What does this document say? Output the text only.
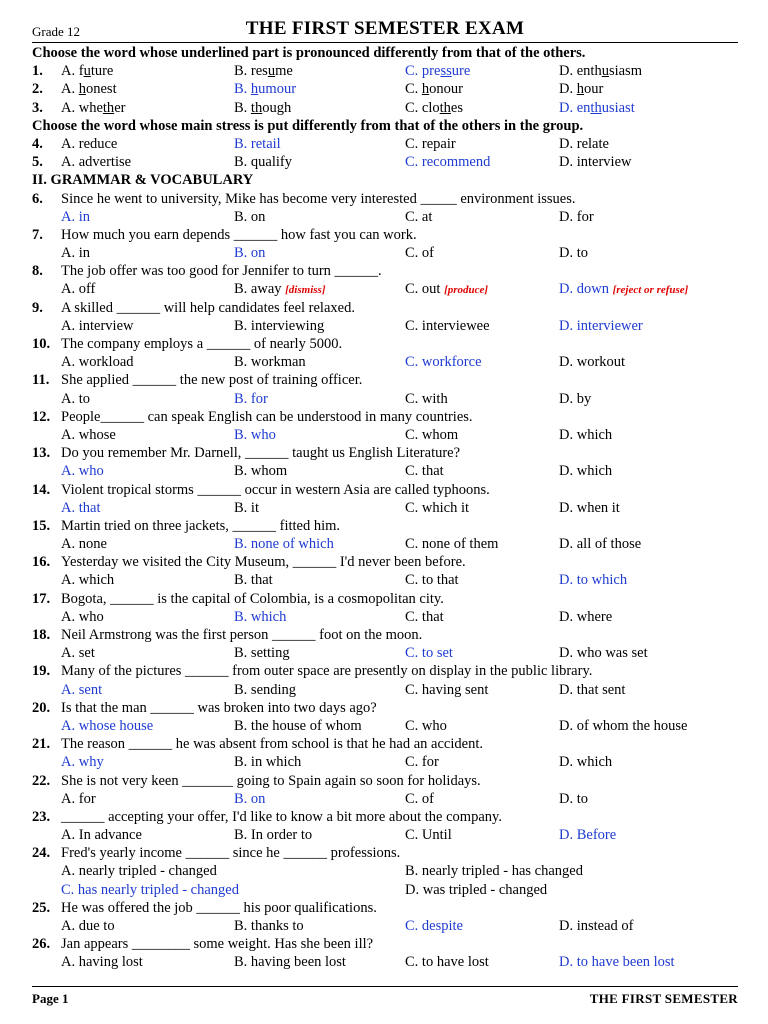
Grade 12	THE FIRST SEMESTER EXAM
Choose the word whose underlined part is pronounced differently from that of the others.
1. A. future	B. resume	C. pressure	D. enthusiasm
2. A. honest	B. humour	C. honour	D. hour
3. A. whether	B. though	C. clothes	D. enthusiast
Choose the word whose main stress is put differently from that of the others in the group.
4. A. reduce	B. retail	C. repair	D. relate
5. A. advertise	B. qualify	C. recommend	D. interview
II. GRAMMAR & VOCABULARY
6. Since he went to university, Mike has become very interested _____ environment issues.
A. in	B. on	C. at	D. for
7. How much you earn depends ______ how fast you can work.
A. in	B. on	C. of	D. to
8. The job offer was too good for Jennifer to turn ______.
A. off	B. away [dismiss]	C. out [produce]	D. down [reject or refuse]
9. A skilled ______ will help candidates feel relaxed.
A. interview	B. interviewing	C. interviewee	D. interviewer
10. The company employs a ______ of nearly 5000.
A. workload	B. workman	C. workforce	D. workout
11. She applied ______ the new post of training officer.
A. to	B. for	C. with	D. by
12. People______ can speak English can be understood in many countries.
A. whose	B. who	C. whom	D. which
13. Do you remember Mr. Darnell, ______ taught us English Literature?
A. who	B. whom	C. that	D. which
14. Violent tropical storms ______ occur in western Asia are called typhoons.
A. that	B. it	C. which it	D. when it
15. Martin tried on three jackets, ______ fitted him.
A. none	B. none of which	C. none of them	D. all of those
16. Yesterday we visited the City Museum, ______ I'd never been before.
A. which	B. that	C. to that	D. to which
17. Bogota, ______ is the capital of Colombia, is a cosmopolitan city.
A. who	B. which	C. that	D. where
18. Neil Armstrong was the first person ______ foot on the moon.
A. set	B. setting	C. to set	D. who was set
19. Many of the pictures ______ from outer space are presently on display in the public library.
A. sent	B. sending	C. having sent	D. that sent
20. Is that the man ______ was broken into two days ago?
A. whose house	B. the house of whom	C. who	D. of whom the house
21. The reason ______ he was absent from school is that he had an accident.
A. why	B. in which	C. for	D. which
22. She is not very keen _______ going to Spain again so soon for holidays.
A. for	B. on	C. of	D. to
23. ______ accepting your offer, I'd like to know a bit more about the company.
A. In advance	B. In order to	C. Until	D. Before
24. Fred's yearly income ______ since he ______ professions.
A. nearly tripled - changed	B. nearly tripled - has changed
C. has nearly tripled - changed	D. was tripled - changed
25. He was offered the job ______ his poor qualifications.
A. due to	B. thanks to	C. despite	D. instead of
26. Jan appears ________ some weight. Has she been ill?
A. having lost	B. having been lost	C. to have lost	D. to have been lost
Page 1	THE FIRST SEMESTER
